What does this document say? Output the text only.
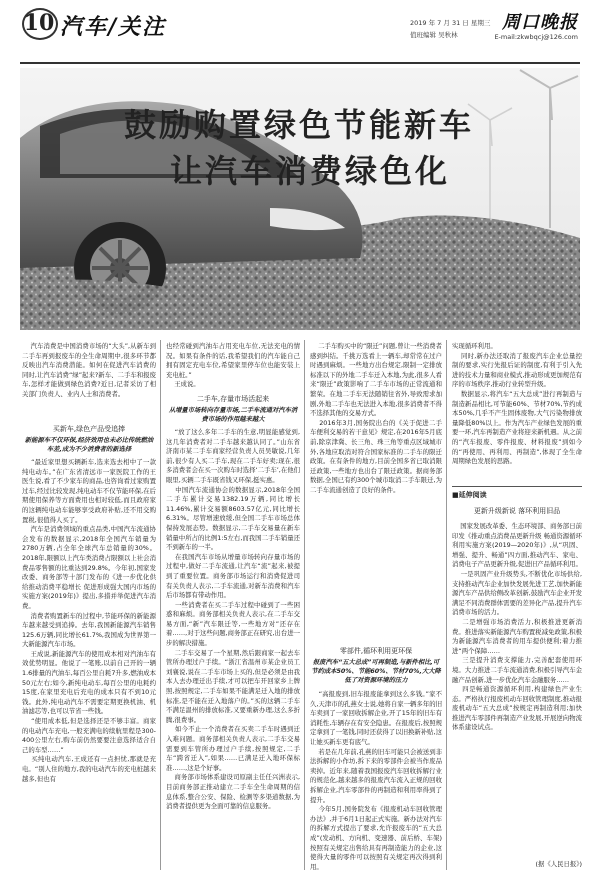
10 汽车/关注	2019 年 7 月 31 日 星期三
值班编辑 吴秋林
周口晚报
E-mail:zkwbqcj@126.com
鼓励购置绿色节能新车
让汽车消费绿色化
汽车消费是中国消费市场的“大头”,从新车到二手车再到报废车的全生命周期中,很多环节都反映出汽车消费潜能。如何在促进汽车消费的同时,让汽车消费“绿”起来?新车、二手车和报废车,怎样才能做到绿色消费?近日,记者采访了相关部门负责人、业内人士和消费者。
买新车,绿色产品受追捧
新能源车不仅环保,经济效用也未必比传统燃油车差,成为不少消费者的新选择
“最近家里想买辆新车,选来选去相中了一款纯电动车。”在广东省清远市一家医院工作的王医生说,看了不少家车的商品,也咨询看过家购置过车,经过比较发现,纯电动车不仅节能环保,在后期使用保养等方面费用也相对较低,而且政府家的这辆纯电动车能够享受政府补贴,还不用交购置税,很值得人买了。
汽车是消费领域的重点品类,中国汽车流通协会发布的数据显示,2018年全国汽车销量为2780万辆,占全年全球汽车总销量的30%。2018年,限额以上汽车类消费占限额以上社会消费品零售额的比重达到29.8%。今年初,国家发改委、商务部等十部门发布的《进一步优化供给推动消费平稳增长 促进形成强大国内市场的实施方案(2019年)》提出,多措并举促进汽车消费。
消费者购置新车的过程中,节能环保的新能源车越来越受到追捧。去年,我国新能源汽车销售125.6万辆,同比增长61.7%,我国成为世界第一大新能源汽车市场。
王成说,新能源汽车的使用成本相对汽油车有效优势明显。他说了一笔账,以前自己开的一辆1.6排量的汽油车,每百公里自耗7升多,燃油成本50元左右;如今,新纯电动车,每百公里的电耗约15度,在家里充电后充电的成本只有不到10元钱。此外,纯电动汽车不需要定期更换机油、机油滤芯等,也可以节省一些钱。
“使用成本低,但是选择还是不够丰富。商家的电动汽车充电,一般充满电的续航里程是300-400公里左右,购车前仍然要要注意选择适合自己的车型……”
买纯电动汽车,王成还有一点担忧,那就是充电。“别人住的地方,我的电动汽车的充电桩越来越多,但也有
也经常碰到汽油车占用充电车位,无法充电的情况。如果有条件的话,我希望我们的汽车能自己拥有固定充电车位,希望家里停车位也能安装上充电桩。”
王成说。
二手车,存量市场活起来
从增量市场转向存量市场,二手车流通对汽车消费市场的作用越来越大
“放了这么多年二手车的生意,明显能感觉到,这几年消费者对二手车越来越认同了。”山东省济南市某二手车商家经营负责人员吴敏说,几年前,很少有人买二手车,现在二手车好卖;现在,很多消费者会在买一次购车时选择‘二手车’,在他们眼里,买辆二手车既省钱又环保,挺实惠。
中国汽车流通协会的数据显示,2018年全国二手车累计交易1382.19万辆,同比增长11.46%,累计交易额8603.57亿元,同比增长6.31%。尽管增速放缓,但全国二手车市场总体保持发展态势。数据显示,二手车交易量在新车销量中所占的比例1:5左右,而我国二手车销量还不到新车的一半。
在我国汽车市场从增量市场转向存量市场的过程中,做好二手车流通,让汽车“流”起来,被提到了重要位置。商务部市场运行和消费促进司有关负责人表示,二手车流通,对新车消费和汽车后市场都有带动作用。
一些消费者在买二手车过程中碰到了一些困惑和麻烦。商务部相关负责人表示,在二手车交易方面,“新”汽车限迁等,一些地方对”还存在着……,对于这些问题,商务部正在研究,出台进一步的解决措施。
二手车交易了一个星期,然后跟商家一起去车管所办理过户手续。“浙江省温州市某企业员工刘襄说,说在二手车市场上买的,但是必须是由我本人去办理迁出手续,才可以把车开回家乡上牌照,按照规定,二手车如果不能满足迁入地的排放标准,是不能在迁入地落户的。”买的这辆二手车不满足温州的排放标准,又要重新办理,这么多折腾,很费事。
如今不止一个消费者在买卖二手车时遇到迁入难问题。商务部相关负责人表示,二手车交易需要到车管所办理过户手续,按照规定,二手车“跨省迁入”,如果……已满足迁入地环保标准……,这是个好事。
商务部市场体系建设司原副主任任兴洲表示,目前商务部正推动建立二手车全生命周期的信息体系,整合公安、保险、检测等多渠道数据,为消费者提供更为全面可靠的信息服务。
二手车购买中的“限迁”问题,曾让一些消费者感到纠结。千挑万选看上一辆车,却常常在过户时遇到麻烦。一些地方出台规定,限制一定排放标准以下的外地二手车迁入本地,为此,很多人看来“限迁”政策影响了二手车市场的正常流通和繁荣。在地二手车无法随销往省外,导致需求加剧,外地二手车也无法进入本地,很多消费者不得不选择其他的交易方式。
2016年3月,国务院出台的《关于促进二手车便利交易的若干意见》规定,在2016年5月底前,除京津冀、长三角、珠三角等重点区域城市外,各地应取消对符合国家标准的二手车的限迁政策。在有条件的地方,目前全国多省已取消限迁政策,一些地方也出台了限迁政策。据商务部数据,全国已有约300个城市取消二手车限迁,为二手车流通创造了良好的条件。
零部件,循环利用更环保
报废汽车“五大总成”可再制造,与新件相比,可节约成本50%、节能60%、节材70%,大大降低了对资源环境的压力
“高报废到,旧车报废能拿到这么多钱。”家不久,天津市的孔燕女士说,她将自家一辆多年的旧车卖到了一家回收拆解企业,开了15年的旧车有消耗性,车辆存在有安全隐患。在报废后,按照规定拿到了一笔钱,同时还获得了以旧换新补贴,这让她买新车更有底气。
若是在几年前,孔燕的旧车可能只会被送到非法拆解的小作坊,拆下来的零部件会被当作废品卖掉。近年来,随着我国报废汽车回收拆解行业的规范化,越来越多的报废汽车流入正规的回收拆解企业,汽车零部件的再制造和利用率得到了提升。
今年5月,国务院发布《报废机动车回收管理办法》,并于6月1日起正式实施。新办法对汽车的拆解方式提出了要求,允许报废车的“五大总成”(发动机、方向机、变速器、前后桥、车架)按照有关规定出售给具有再制造能力的企业,这使得大量的零件可以按照有关规定再次得到利用。
实现循环利用。
同时,新办法还取消了报废汽车企业总量控制的要求,实行先报后证的制度,有利于引入先进的技术力量和商业模式,推动形成更加规范有序的市场秩序,推动行业转型升级。
数据显示,将汽车“五大总成”进行再制造与制造新品相比,可节能60%、节材70%,节约成本50%,几乎不产生固体废物,大气污染物排放量降低80%以上。作为汽车产业绿色发展的重要一环,汽车再制造产业将迎来新机遇。从之前的“汽车报废、零件报废、材料报废”到如今的“再使用、再利用、再制造”,体现了全生命周期绿色发展的思路。
■延伸阅读
更新升级新说 落环利用旧品
国家发展改革委、生态环境部、商务部日前印发《推动重点消费品更新升级 畅通资源循环利用实施方案(2019—2020年)》,从“巩固、增强、提升、畅通”四方面,推动汽车、家电、消费电子产品更新升级,促进旧产品循环利用。
一是巩固产业升级势头,不断优化市场供给,支持推动汽车企业加快发展先进工艺,加快新能源汽车产品供给侧改革创新,鼓励汽车企业开发满足不同消费群体需要的差异化产品,提升汽车消费市场的活力。
二是增强市场消费活力,积极推进更新消费。推进落实新能源汽车购置税减免政策,积极为新能源汽车消费者的用车提供便利;着力推进“两个保障……
三是提升消费支撑能力,完善配套使用环境。大力推进二手车流通消费,积极引导汽车金融产品创新,进一步优化汽车金融服务……
四是畅通资源循环利用,构建绿色产业生态。严格执行报废机动车回收管理制度,推动报废机动车“五大总成”按规定再制造利用;加快推进汽车零部件再制造产业发展,开展逆向物流体系建设试点。
(据《人民日报》)
